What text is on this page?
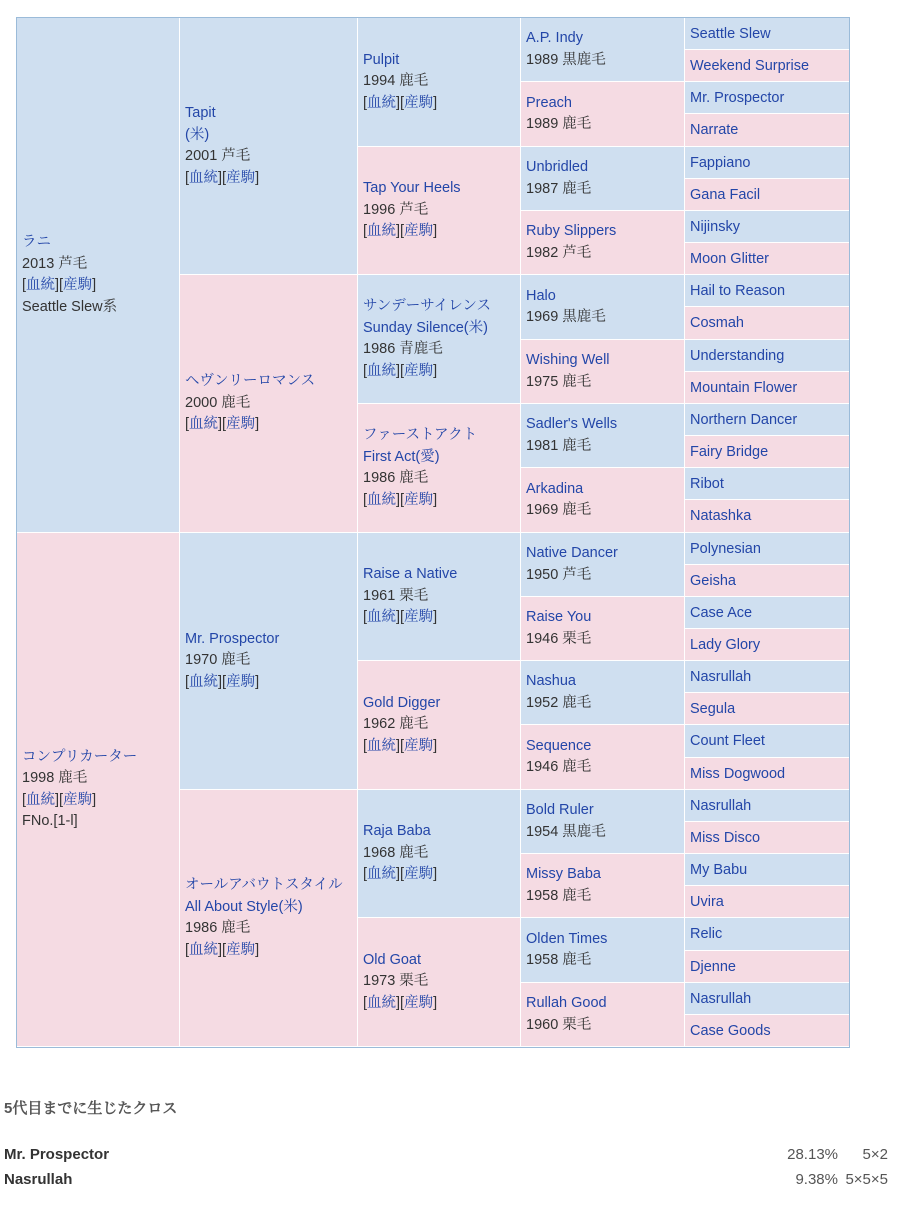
ラニ
2013 芦毛
[血統][産駒]
Seattle Slew系
コンプリカーター
1998 鹿毛
[血統][産駒]
FNo.[1-l]
Tapit
(米)
2001 芦毛
[血統][産駒]
ヘヴンリーロマンス
2000 鹿毛
[血統][産駒]
Mr. Prospector
1970 鹿毛
[血統][産駒]
オールアバウトスタイル
All About Style(米)
1986 鹿毛
[血統][産駒]
Pulpit
1994 鹿毛
[血統][産駒]
Tap Your Heels
1996 芦毛
[血統][産駒]
サンデーサイレンス
Sunday Silence(米)
1986 青鹿毛
[血統][産駒]
ファーストアクト
First Act(愛)
1986 鹿毛
[血統][産駒]
Raise a Native
1961 栗毛
[血統][産駒]
Gold Digger
1962 鹿毛
[血統][産駒]
Raja Baba
1968 鹿毛
[血統][産駒]
Old Goat
1973 栗毛
[血統][産駒]
A.P. Indy
1989 黒鹿毛
Preach
1989 鹿毛
Unbridled
1987 鹿毛
Ruby Slippers
1982 芦毛
Halo
1969 黒鹿毛
Wishing Well
1975 鹿毛
Sadler's Wells
1981 鹿毛
Arkadina
1969 鹿毛
Native Dancer
1950 芦毛
Raise You
1946 栗毛
Nashua
1952 鹿毛
Sequence
1946 鹿毛
Bold Ruler
1954 黒鹿毛
Missy Baba
1958 鹿毛
Olden Times
1958 鹿毛
Rullah Good
1960 栗毛
Seattle Slew
Weekend Surprise
Mr. Prospector
Narrate
Fappiano
Gana Facil
Nijinsky
Moon Glitter
Hail to Reason
Cosmah
Understanding
Mountain Flower
Northern Dancer
Fairy Bridge
Ribot
Natashka
Polynesian
Geisha
Case Ace
Lady Glory
Nasrullah
Segula
Count Fleet
Miss Dogwood
Nasrullah
Miss Disco
My Babu
Uvira
Relic
Djenne
Nasrullah
Case Goods
5代目までに生じたクロス
Mr. Prospector	28.13% 5×2
Nasrullah	9.38% 5×5×5
